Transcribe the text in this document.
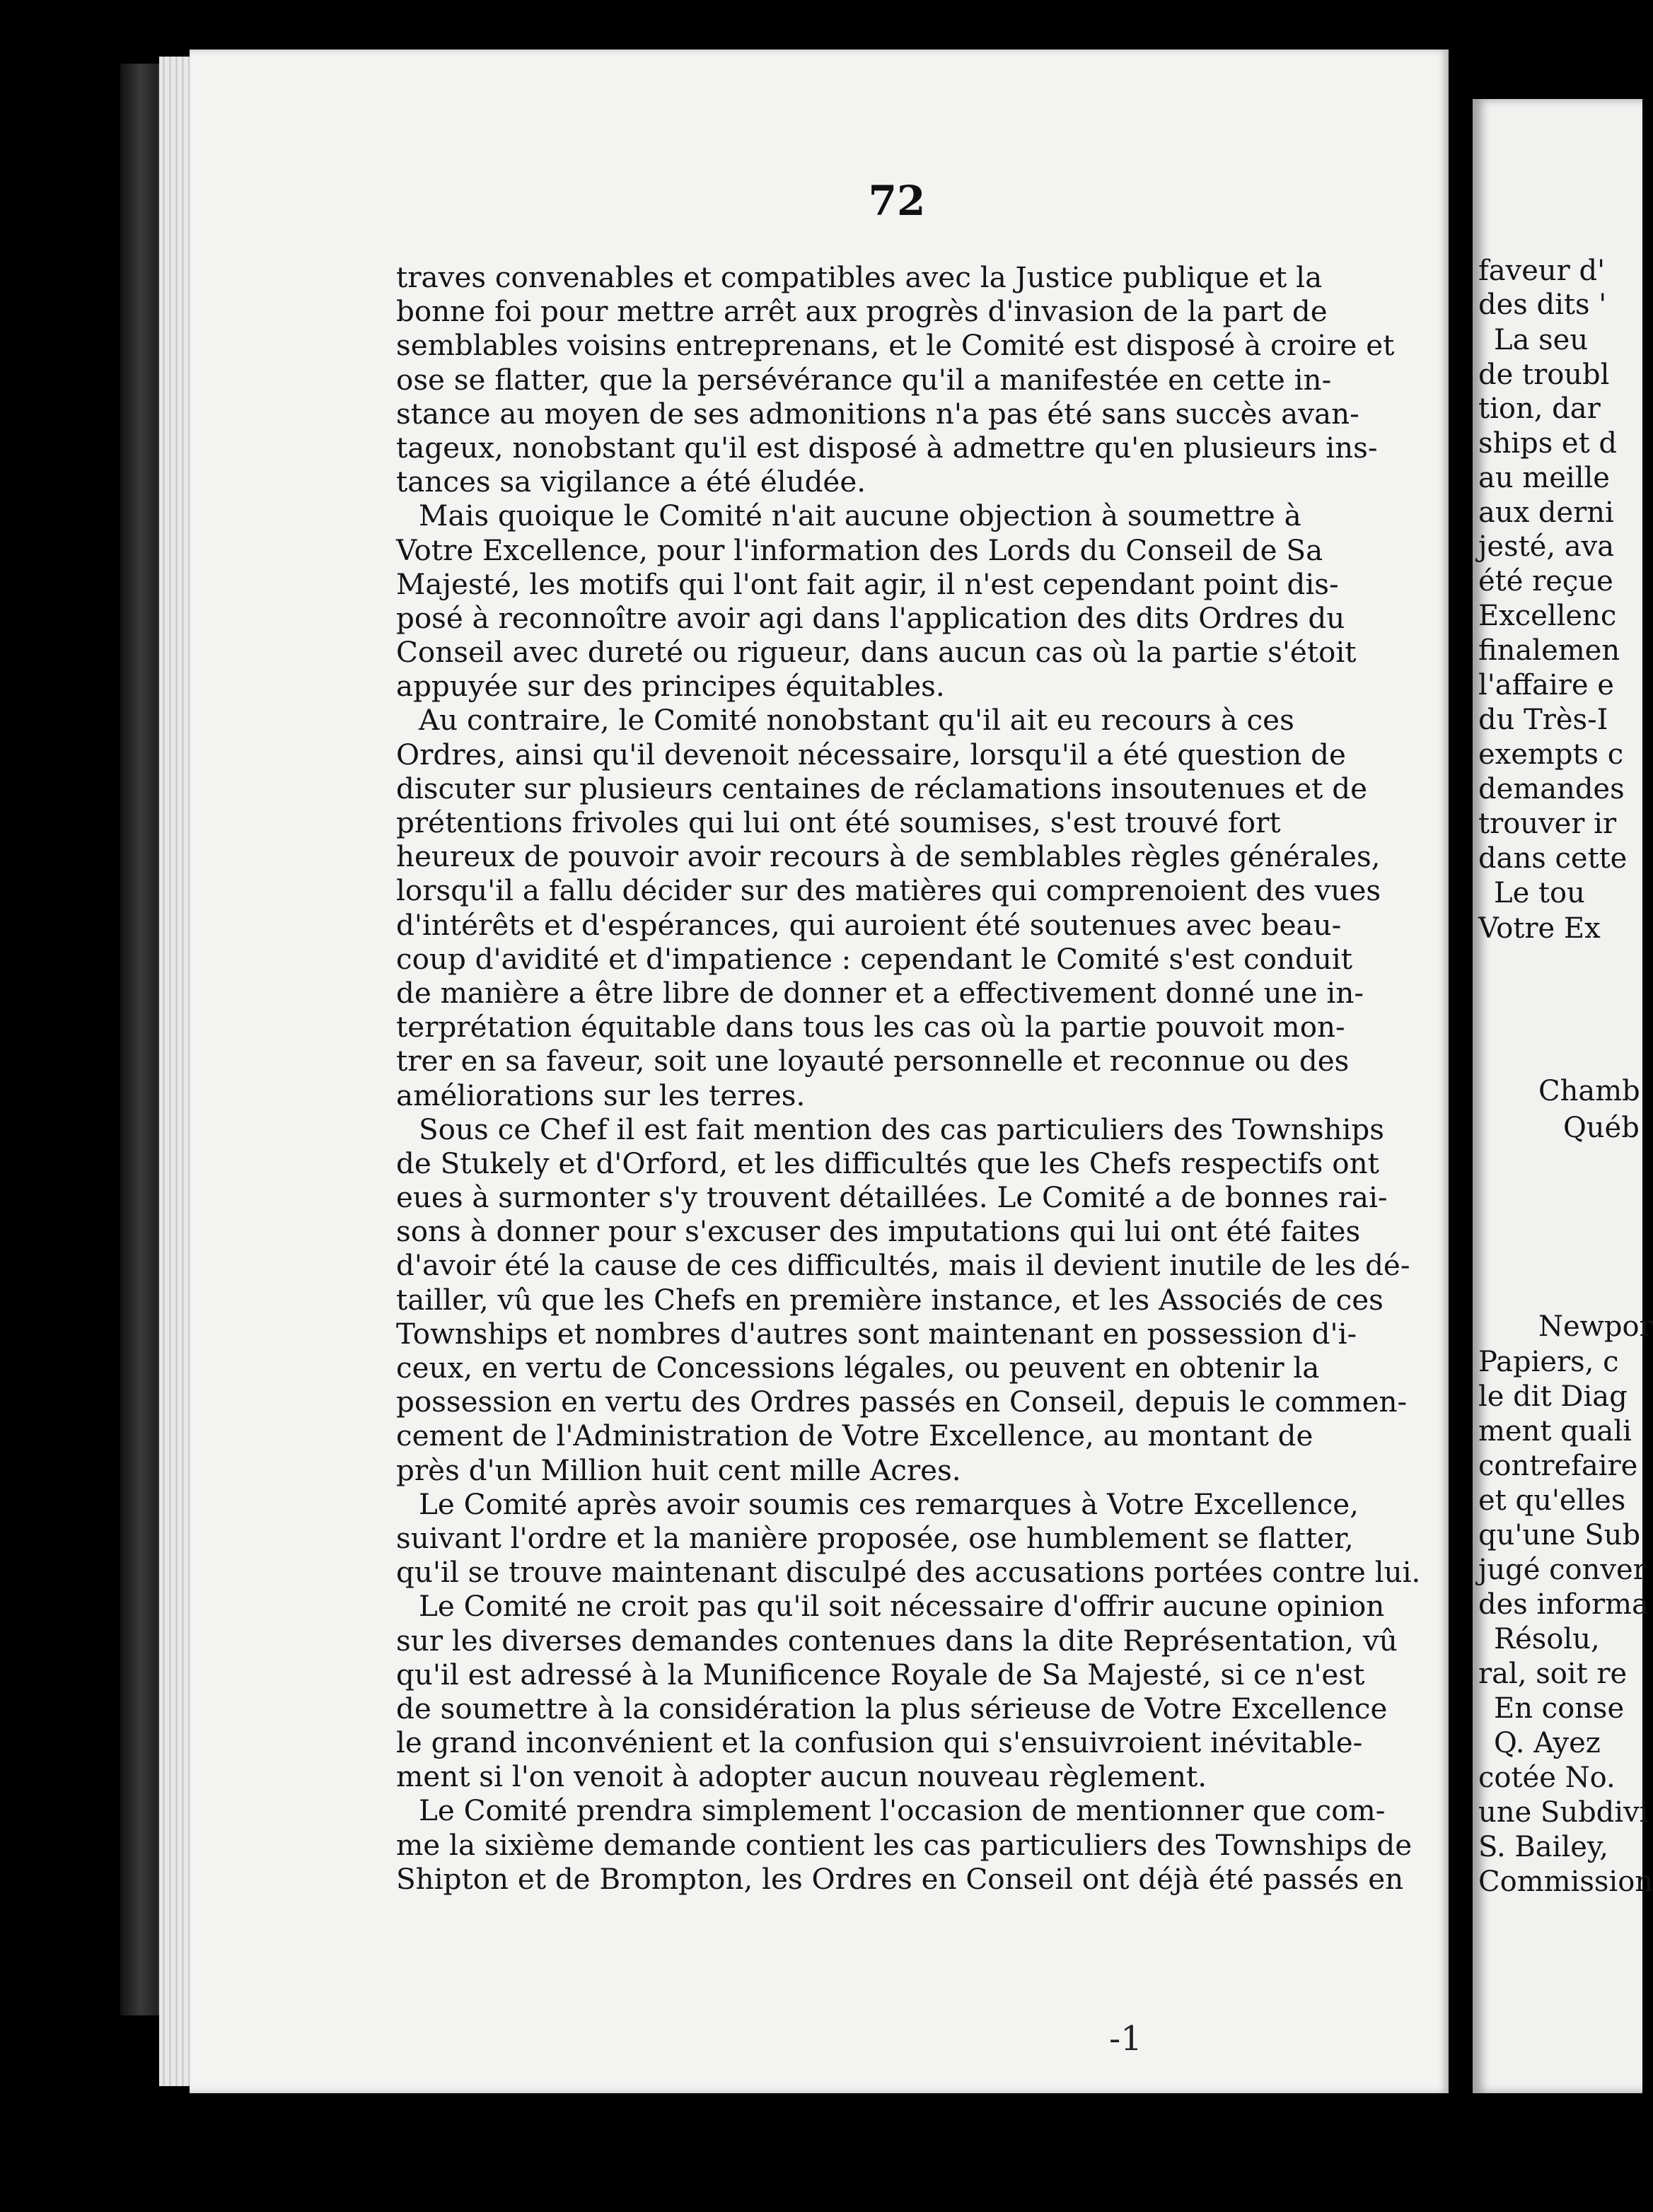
72
traves convenables et compatibles avec la Justice publique et la
bonne foi pour mettre arrêt aux progrès d'invasion de la part de
semblables voisins entreprenans, et le Comité est disposé à croire et
ose se flatter, que la persévérance qu'il a manifestée en cette in-
stance au moyen de ses admonitions n'a pas été sans succès avan-
tageux, nonobstant qu'il est disposé à admettre qu'en plusieurs ins-
tances sa vigilance a été éludée.
Mais quoique le Comité n'ait aucune objection à soumettre à
Votre Excellence, pour l'information des Lords du Conseil de Sa
Majesté, les motifs qui l'ont fait agir, il n'est cependant point dis-
posé à reconnoître avoir agi dans l'application des dits Ordres du
Conseil avec dureté ou rigueur, dans aucun cas où la partie s'étoit
appuyée sur des principes équitables.
Au contraire, le Comité nonobstant qu'il ait eu recours à ces
Ordres, ainsi qu'il devenoit nécessaire, lorsqu'il a été question de
discuter sur plusieurs centaines de réclamations insoutenues et de
prétentions frivoles qui lui ont été soumises, s'est trouvé fort
heureux de pouvoir avoir recours à de semblables règles générales,
lorsqu'il a fallu décider sur des matières qui comprenoient des vues
d'intérêts et d'espérances, qui auroient été soutenues avec beau-
coup d'avidité et d'impatience : cependant le Comité s'est conduit
de manière a être libre de donner et a effectivement donné une in-
terprétation équitable dans tous les cas où la partie pouvoit mon-
trer en sa faveur, soit une loyauté personnelle et reconnue ou des
améliorations sur les terres.
Sous ce Chef il est fait mention des cas particuliers des Townships
de Stukely et d'Orford, et les difficultés que les Chefs respectifs ont
eues à surmonter s'y trouvent détaillées. Le Comité a de bonnes rai-
sons à donner pour s'excuser des imputations qui lui ont été faites
d'avoir été la cause de ces difficultés, mais il devient inutile de les dé-
tailler, vû que les Chefs en première instance, et les Associés de ces
Townships et nombres d'autres sont maintenant en possession d'i-
ceux, en vertu de Concessions légales, ou peuvent en obtenir la
possession en vertu des Ordres passés en Conseil, depuis le commen-
cement de l'Administration de Votre Excellence, au montant de
près d'un Million huit cent mille Acres.
Le Comité après avoir soumis ces remarques à Votre Excellence,
suivant l'ordre et la manière proposée, ose humblement se flatter,
qu'il se trouve maintenant disculpé des accusations portées contre lui.
Le Comité ne croit pas qu'il soit nécessaire d'offrir aucune opinion
sur les diverses demandes contenues dans la dite Représentation, vû
qu'il est adressé à la Munificence Royale de Sa Majesté, si ce n'est
de soumettre à la considération la plus sérieuse de Votre Excellence
le grand inconvénient et la confusion qui s'ensuivroient inévitable-
ment si l'on venoit à adopter aucun nouveau règlement.
Le Comité prendra simplement l'occasion de mentionner que com-
me la sixième demande contient les cas particuliers des Townships de
Shipton et de Brompton, les Ordres en Conseil ont déjà été passés en
-1
faveur d'
des dits '
La seu
de troubl
tion, dar
ships et d
au meille
aux derni
jesté, ava
été reçue
Excellenc
finalemen
l'affaire e
du Très-I
exempts c
demandes
trouver ir
dans cette
Le tou
Votre Ex
Chamb
Québ
Newpor
Papiers, c
le dit Diag
ment quali
contrefaire
et qu'elles
qu'une Sub
jugé conver
des informa
Résolu,
ral, soit re
En conse
Q. Ayez
cotée No.
une Subdivi
S. Bailey,
Commission
